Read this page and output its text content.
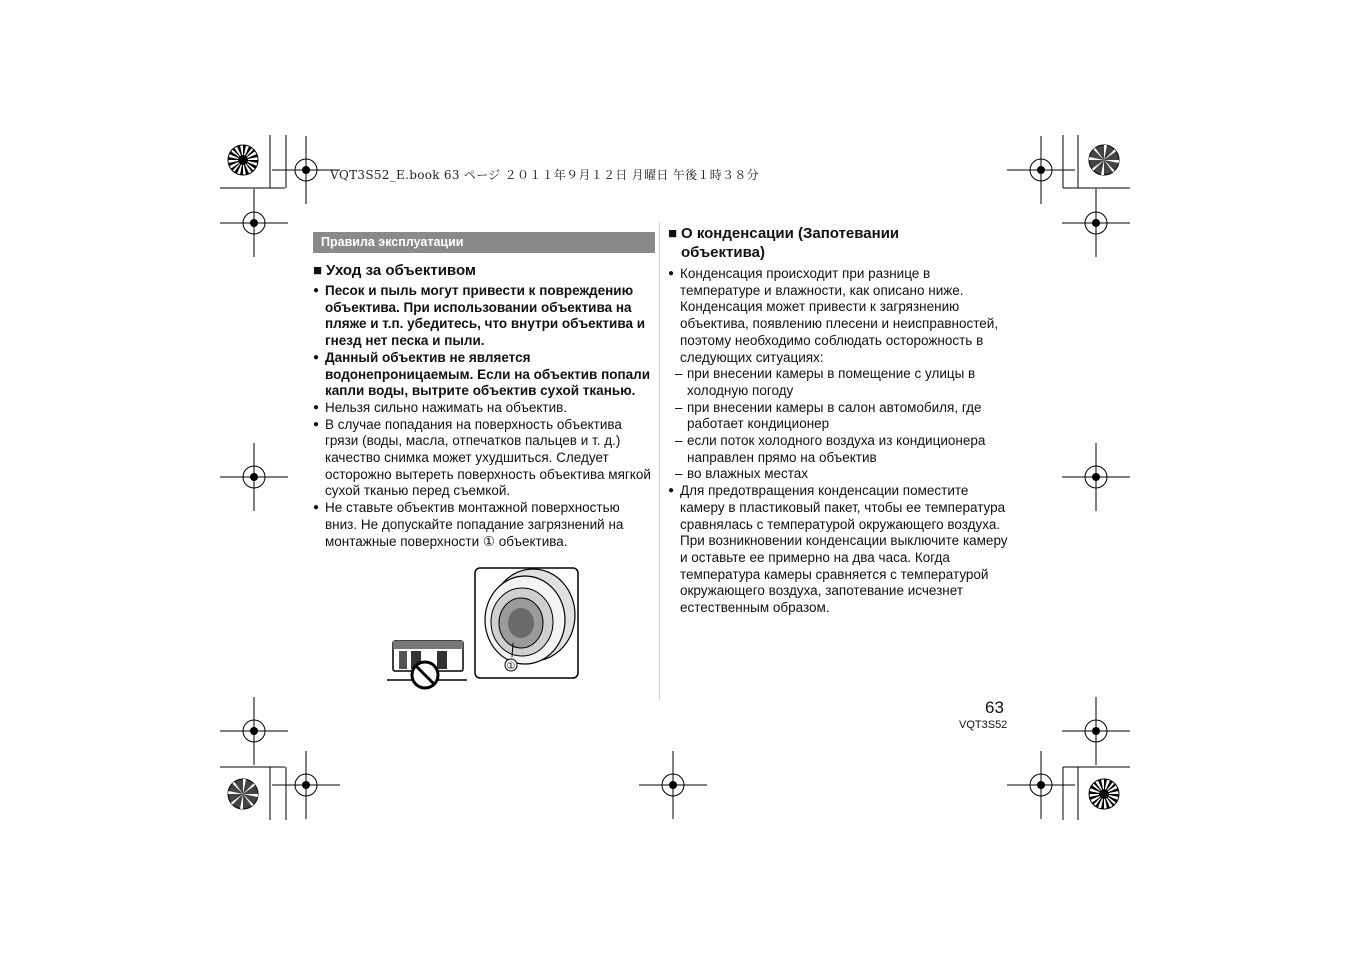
VQT3S52_E.book 63 ページ ２０１１年９月１２日 月曜日 午後１時３８分
Правила эксплуатации
■ Уход за объективом
● Песок и пыль могут привести к повреждению объектива. При использовании объектива на пляже и т.п. убедитесь, что внутри объектива и гнезд нет песка и пыли.
● Данный объектив не является водонепроницаемым. Если на объектив попали капли воды, вытрите объектив сухой тканью.
● Нельзя сильно нажимать на объектив.
● В случае попадания на поверхность объектива грязи (воды, масла, отпечатков пальцев и т. д.) качество снимка может ухудшиться. Следует осторожно вытереть поверхность объектива мягкой сухой тканью перед съемкой.
● Не ставьте объектив монтажной поверхностью вниз. Не допускайте попадание загрязнений на монтажные поверхности ① объектива.
①
■ О конденсации (Запотевании
объектива)
● Конденсация происходит при разнице в температуре и влажности, как описано ниже. Конденсация может привести к загрязнению объектива, появлению плесени и неисправностей, поэтому необходимо соблюдать осторожность в следующих ситуациях:
– при внесении камеры в помещение с улицы в холодную погоду
– при внесении камеры в салон автомобиля, где работает кондиционер
– если поток холодного воздуха из кондиционера направлен прямо на объектив
– во влажных местах
● Для предотвращения конденсации поместите камеру в пластиковый пакет, чтобы ее температура сравнялась с температурой окружающего воздуха. При возникновении конденсации выключите камеру и оставьте ее примерно на два часа. Когда температура камеры сравняется с температурой окружающего воздуха, запотевание исчезнет естественным образом.
63
VQT3S52
